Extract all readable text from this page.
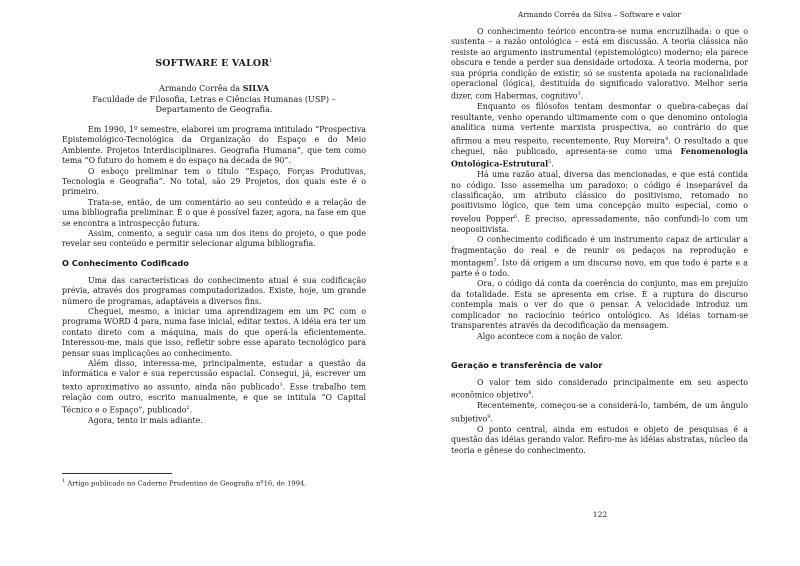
SOFTWARE E VALOR$^1$

Armando Corrêa da SILVA

Faculdade de Filosofia, Letras e Ciências Humanas (USP) – Departamento de Geografia.

Em 1990, 1º semestre, elaborei um programa intitulado “Prospectiva Epistemológico-Tecnológica da Organização do Espaço e do Meio Ambiente. Projetos Interdisciplinares. Geografia Humana”, que tem como tema “O futuro do homem e do espaço na década de 90”.

O esboço preliminar tem o título “Espaço, Forças Produtivas, Tecnologia e Geografia”. No total, são 29 Projetos, dos quais este é o primeiro.

Trata-se, então, de um comentário ao seu conteúdo e a relação de uma bibliografia preliminar. É o que é possível fazer, agora, na fase em que se encontra a introspecção futura.

Assim, comento, a seguir casa um dos itens do projeto, o que pode revelar seu conteúdo e permitir selecionar alguma bibliografia.

O Conhecimento Codificado

Uma das características do conhecimento atual é sua codificação prévia, através dos programas computadorizados. Existe, hoje, um grande número de programas, adaptáveis a diversos fins.

Cheguei, mesmo, a iniciar uma aprendizagem em um PC com o programa WORD 4 para, numa fase inicial, editar textos. A idéia era ter um contato direto com a máquina, mais do que operá-la eficientemente. Interessou-me, mais que isso, refletir sobre esse aparato tecnológico para pensar suas implicações ao conhecimento.

Além disso, interessa-me, principalmente, estudar a questão da informática e valor e sua repercussão espacial. Consegui, já, escrever um texto aproximativo ao assunto, ainda não publicado$^1$. Esse trabalho tem relação com outro, escrito manualmente, e que se intitula “O Capital Técnico e o Espaço”, publicado$^2$.

Agora, tento ir mais adiante.

$^1$ Artigo publicado no Caderno Prudentino de Geografia nº16, de 1994.

Armando Corrêa da Silva – Software e valor

O conhecimento teórico encontra-se numa encruzilhada: o que o sustenta – a razão ontológica – está em discussão. A teoria clássica não resiste ao argumento instrumental (epistemológico) moderno; ela parece obscura e tende a perder sua densidade ortodoxa. A teoria moderna, por sua própria condição de existir, só se sustenta apoiada na racionalidade operacional (lógica), destituída do significado valorativo. Melhor seria dizer, com Habermas, cognitivo$^3$.

Enquanto os filósofos tentam desmontar o quebra-cabeças daí resultante, venho operando ultimamente com o que denomino ontologia analítica numa vertente marxista prospectiva, ao contrário do que afirmou a meu respeito, recentemente, Ruy Moreira$^4$. O resultado a que cheguei, não publicado, apresenta-se como uma Fenomenologia Ontológica-Estrutural$^5$.

Há uma razão atual, diversa das mencionadas, e que está contida no código. Isso assemelha um paradoxo: o código é inseparável da classificação, um atributo clássico do positivismo, retomado no positivismo lógico, que tem uma concepção muito especial, como o revelou Popper$^6$. É preciso, apressadamente, não confundi-lo com um neopositivista.

O conhecimento codificado é um instrumento capaz de articular a fragmentação do real e de reunir os pedaços na reprodução e montagem$^7$. Isto dá origem a um discurso novo, em que todo é parte e a parte é o todo.

Ora, o código dá conta da coerência do conjunto, mas em prejuízo da totalidade. Esta se apresenta em crise. É a ruptura do discurso contempla mais o ver do que o pensar. A velocidade introduz um complicador no raciocínio teórico ontológico. As idéias tornam-se transparentes através da decodificação da mensagem.

Algo acontece com a noção de valor.

Geração e transferência de valor

O valor tem sido considerado principalmente em seu aspecto econômico objetivo$^8$.

Recentemente, começou-se a considerá-lo, também, de um ângulo subjetivo$^9$.

O ponto central, ainda em estudos e objeto de pesquisas é a questão das idéias gerando valor. Refiro-me às idéias abstratas, núcleo da teoria e gênese do conhecimento.

122
